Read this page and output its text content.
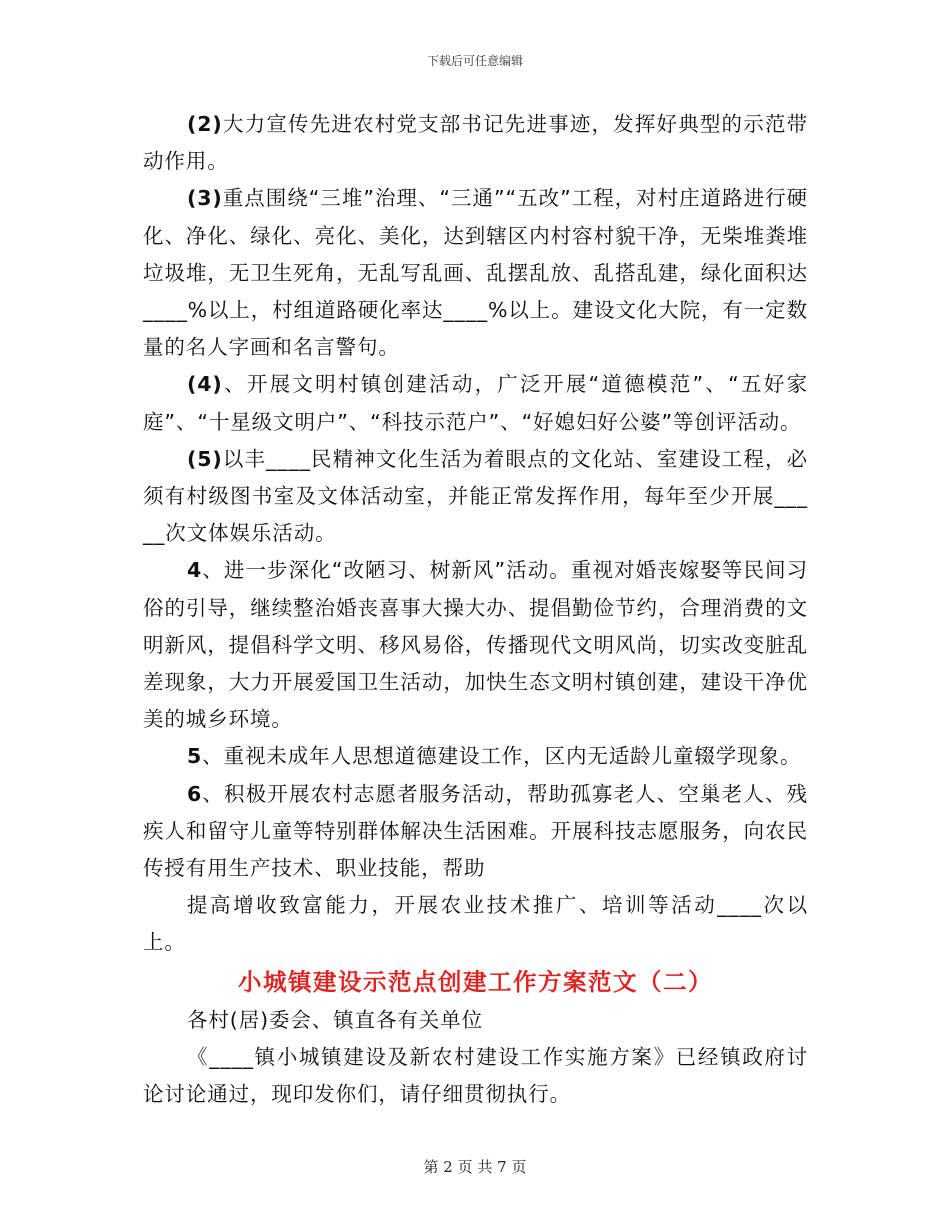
下载后可任意编辑

(2)大力宣传先进农村党支部书记先进事迹，发挥好典型的示范带动作用。

(3)重点围绕“三堆”治理、“三通”“五改”工程，对村庄道路进行硬化、净化、绿化、亮化、美化，达到辖区内村容村貌干净，无柴堆粪堆垃圾堆，无卫生死角，无乱写乱画、乱摆乱放、乱搭乱建，绿化面积达____%以上，村组道路硬化率达____%以上。建设文化大院，有一定数量的名人字画和名言警句。

(4)、开展文明村镇创建活动，广泛开展“道德模范”、“五好家庭”、“十星级文明户”、“科技示范户”、“好媳妇好公婆”等创评活动。

(5)以丰____民精神文化生活为着眼点的文化站、室建设工程，必须有村级图书室及文体活动室，并能正常发挥作用，每年至少开展_____次文体娱乐活动。

4、进一步深化“改陋习、树新风”活动。重视对婚丧嫁娶等民间习俗的引导，继续整治婚丧喜事大操大办、提倡勤俭节约，合理消费的文明新风，提倡科学文明、移风易俗，传播现代文明风尚，切实改变脏乱差现象，大力开展爱国卫生活动，加快生态文明村镇创建，建设干净优美的城乡环境。

5、重视未成年人思想道德建设工作，区内无适龄儿童辍学现象。

6、积极开展农村志愿者服务活动，帮助孤寡老人、空巢老人、残疾人和留守儿童等特别群体解决生活困难。开展科技志愿服务，向农民传授有用生产技术、职业技能，帮助

提高增收致富能力，开展农业技术推广、培训等活动____次以上。

小城镇建设示范点创建工作方案范文（二）

各村(居)委会、镇直各有关单位

《____镇小城镇建设及新农村建设工作实施方案》已经镇政府讨论讨论通过，现印发你们，请仔细贯彻执行。

第 2 页 共 7 页
